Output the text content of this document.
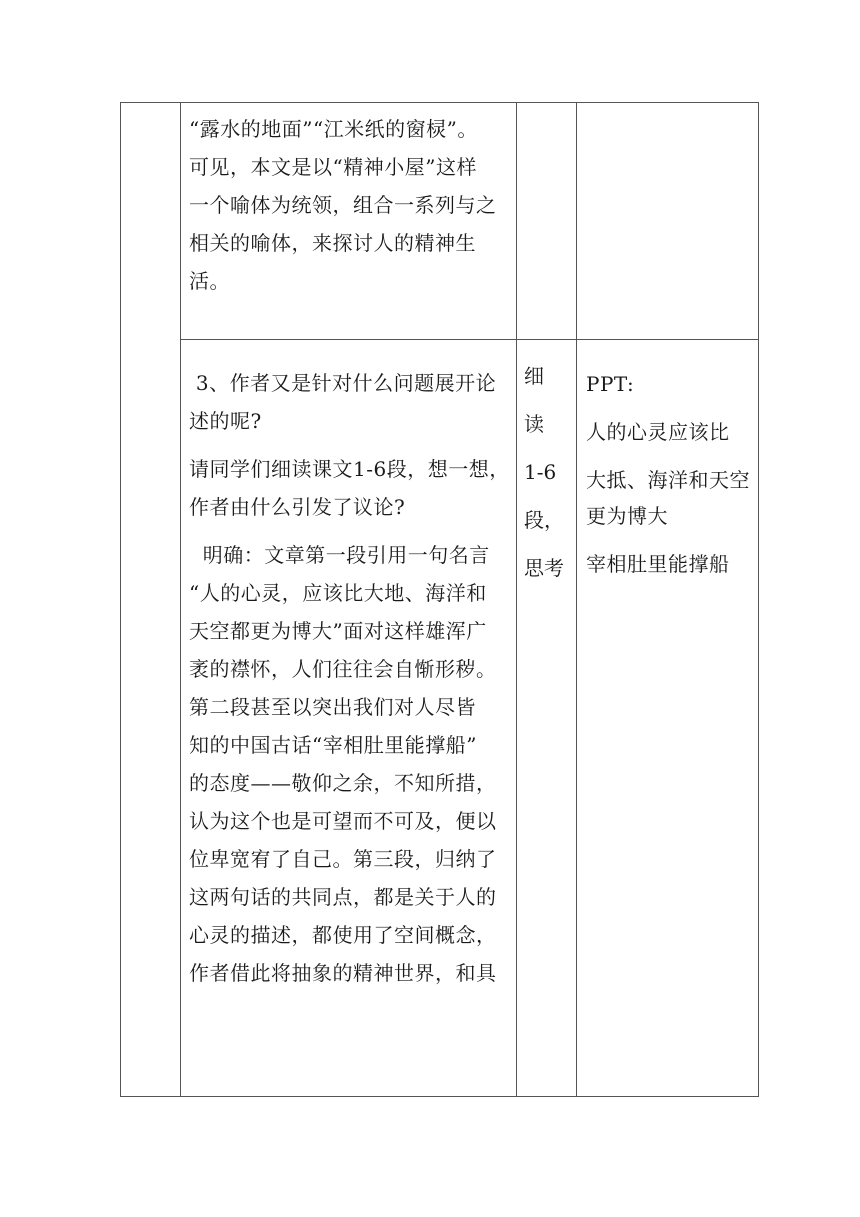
“露水的地面”“江米纸的窗棂”。

可见，本文是以“精神小屋”这样

一个喻体为统领，组合一系列与之

相关的喻体，来探讨人的精神生

活。

3、作者又是针对什么问题展开论

述的呢?

请同学们细读课文1-6段，想一想，

作者由什么引发了议论?

明确：文章第一段引用一句名言

“人的心灵，应该比大地、海洋和

天空都更为博大”面对这样雄浑广

袤的襟怀，人们往往会自惭形秽。

第二段甚至以突出我们对人尽皆

知的中国古话“宰相肚里能撑船”

的态度——敬仰之余，不知所措，

认为这个也是可望而不可及，便以

位卑宽宥了自己。第三段，归纳了

这两句话的共同点，都是关于人的

心灵的描述，都使用了空间概念，

作者借此将抽象的精神世界，和具

细

读

1-6

段，

思考

PPT:

人的心灵应该比

大抵、海洋和天空

更为博大

宰相肚里能撑船
